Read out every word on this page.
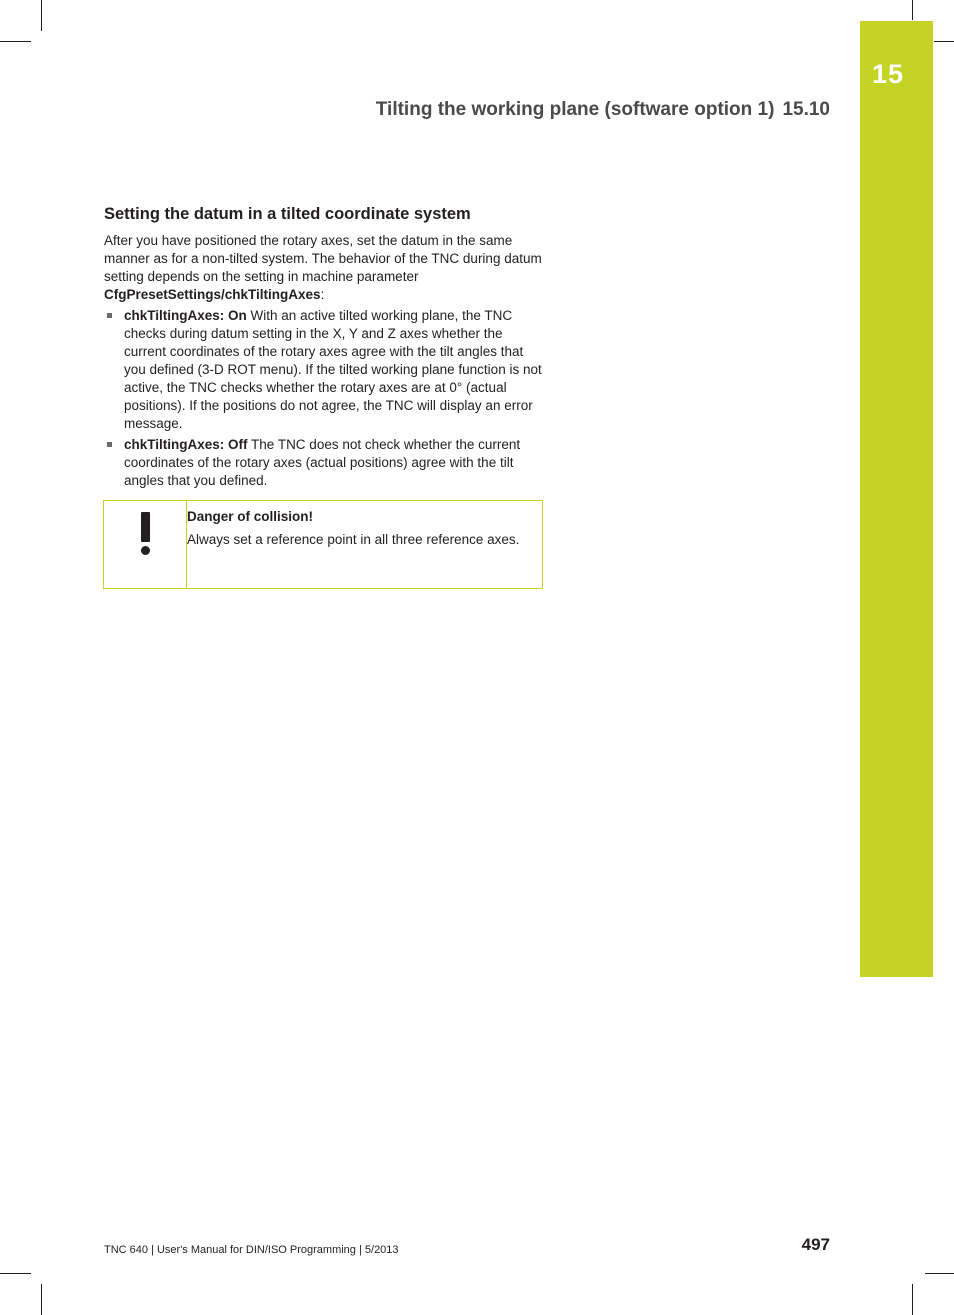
15
Tilting the working plane (software option 1) 15.10
Setting the datum in a tilted coordinate system

After you have positioned the rotary axes, set the datum in the same manner as for a non-tilted system. The behavior of the TNC during datum setting depends on the setting in machine parameter CfgPresetSettings/chkTiltingAxes:

chkTiltingAxes: On With an active tilted working plane, the TNC checks during datum setting in the X, Y and Z axes whether the current coordinates of the rotary axes agree with the tilt angles that you defined (3-D ROT menu). If the tilted working plane function is not active, the TNC checks whether the rotary axes are at 0° (actual positions). If the positions do not agree, the TNC will display an error message.
chkTiltingAxes: Off The TNC does not check whether the current coordinates of the rotary axes (actual positions) agree with the tilt angles that you defined.
Danger of collision!
Always set a reference point in all three reference axes.
TNC 640 | User's Manual for DIN/ISO Programming | 5/2013	497
